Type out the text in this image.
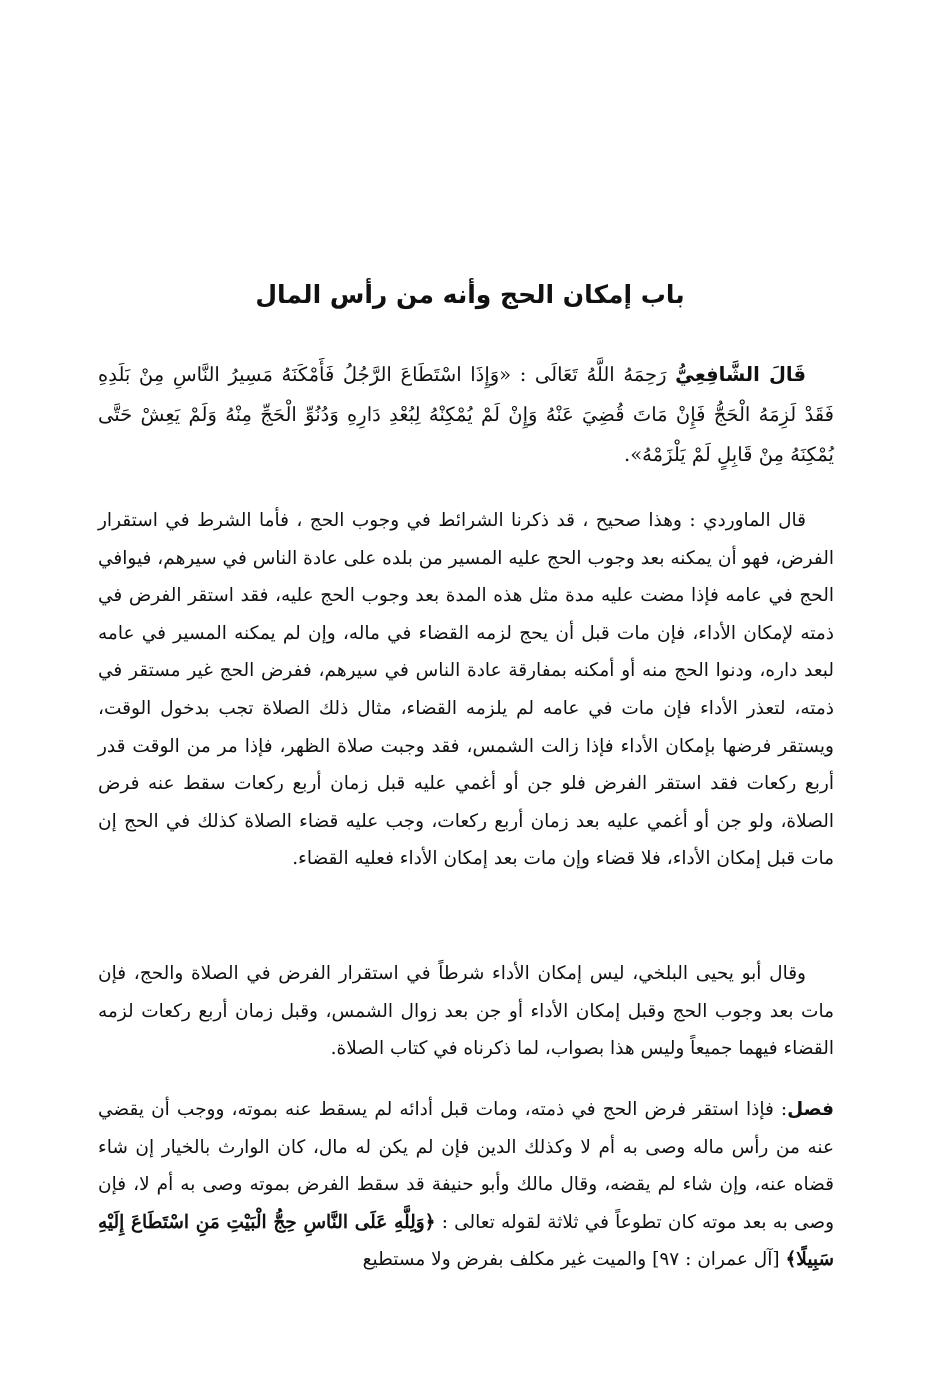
باب إمكان الحج وأنه من رأس المال

قَالَ الشَّافِعِيُّ رَحِمَهُ اللَّهُ تَعَالَى : «وَإِذَا اسْتَطَاعَ الرَّجُلُ فَأَمْكَنَهُ مَسِيرُ النَّاسِ مِنْ بَلَدِهِ فَقَدْ لَزِمَهُ الْحَجُّ فَإِنْ مَاتَ قُضِيَ عَنْهُ وَإِنْ لَمْ يُمْكِنْهُ لِبُعْدِ دَارِهِ وَدُنُوِّ الْحَجِّ مِنْهُ وَلَمْ يَعِشْ حَتَّى يُمْكِنَهُ مِنْ قَابِلٍ لَمْ يَلْزَمْهُ».

قال الماوردي : وهذا صحيح ، قد ذكرنا الشرائط في وجوب الحج ، فأما الشرط في استقرار الفرض، فهو أن يمكنه بعد وجوب الحج عليه المسير من بلده على عادة الناس في سيرهم، فيوافي الحج في عامه فإذا مضت عليه مدة مثل هذه المدة بعد وجوب الحج عليه، فقد استقر الفرض في ذمته لإمكان الأداء، فإن مات قبل أن يحج لزمه القضاء في ماله، وإن لم يمكنه المسير في عامه لبعد داره، ودنوا الحج منه أو أمكنه بمفارقة عادة الناس في سيرهم، ففرض الحج غير مستقر في ذمته، لتعذر الأداء فإن مات في عامه لم يلزمه القضاء، مثال ذلك الصلاة تجب بدخول الوقت، ويستقر فرضها بإمكان الأداء فإذا زالت الشمس، فقد وجبت صلاة الظهر، فإذا مر من الوقت قدر أربع ركعات فقد استقر الفرض فلو جن أو أغمي عليه قبل زمان أربع ركعات سقط عنه فرض الصلاة، ولو جن أو أغمي عليه بعد زمان أربع ركعات، وجب عليه قضاء الصلاة كذلك في الحج إن مات قبل إمكان الأداء، فلا قضاء وإن مات بعد إمكان الأداء فعليه القضاء.

وقال أبو يحيى البلخي، ليس إمكان الأداء شرطاً في استقرار الفرض في الصلاة والحج، فإن مات بعد وجوب الحج وقبل إمكان الأداء أو جن بعد زوال الشمس، وقبل زمان أربع ركعات لزمه القضاء فيهما جميعاً وليس هذا بصواب، لما ذكرناه في كتاب الصلاة.

فصل: فإذا استقر فرض الحج في ذمته، ومات قبل أدائه لم يسقط عنه بموته، ووجب أن يقضي عنه من رأس ماله وصى به أم لا وكذلك الدين فإن لم يكن له مال، كان الوارث بالخيار إن شاء قضاه عنه، وإن شاء لم يقضه، وقال مالك وأبو حنيفة قد سقط الفرض بموته وصى به أم لا، فإن وصى به بعد موته كان تطوعاً في ثلاثة لقوله تعالى : ﴿وَلِلَّهِ عَلَى النَّاسِ حِجُّ الْبَيْتِ مَنِ اسْتَطَاعَ إِلَيْهِ سَبِيلًا﴾ [آل عمران : ٩٧] والميت غير مكلف بفرض ولا مستطيع
